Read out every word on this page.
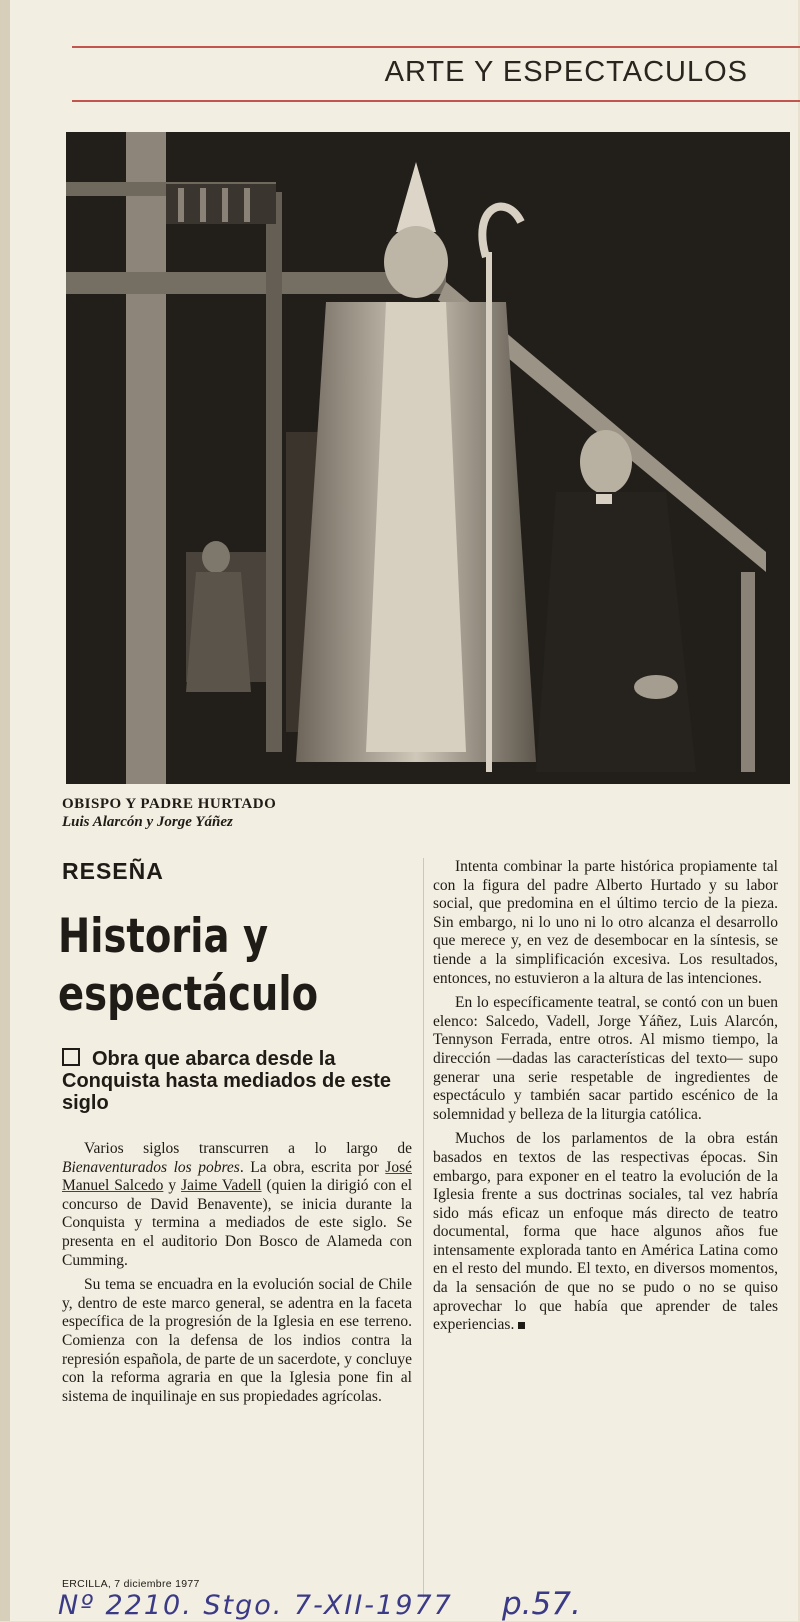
ARTE Y ESPECTACULOS
OBISPO Y PADRE HURTADO
Luis Alarcón y Jorge Yáñez
RESEÑA
Historia y
espectáculo
Obra que abarca desde la Conquista hasta mediados de este siglo

Varios siglos transcurren a lo largo de Bienaventurados los pobres. La obra, escrita por José Manuel Salcedo y Jaime Vadell (quien la dirigió con el concurso de David Benavente), se inicia durante la Conquista y termina a mediados de este siglo. Se presenta en el auditorio Don Bosco de Alameda con Cumming.

Su tema se encuadra en la evolución social de Chile y, dentro de este marco general, se adentra en la faceta específica de la progresión de la Iglesia en ese terreno. Comienza con la defensa de los indios contra la represión española, de parte de un sacerdote, y concluye con la reforma agraria en que la Iglesia pone fin al sistema de inquilinaje en sus propiedades agrícolas.

Intenta combinar la parte histórica propiamente tal con la figura del padre Alberto Hurtado y su labor social, que predomina en el último tercio de la pieza. Sin embargo, ni lo uno ni lo otro alcanza el desarrollo que merece y, en vez de desembocar en la síntesis, se tiende a la simplificación excesiva. Los resultados, entonces, no estuvieron a la altura de las intenciones.

En lo específicamente teatral, se contó con un buen elenco: Salcedo, Vadell, Jorge Yáñez, Luis Alarcón, Tennyson Ferrada, entre otros. Al mismo tiempo, la dirección —dadas las características del texto— supo generar una serie respetable de ingredientes de espectáculo y también sacar partido escénico de la solemnidad y belleza de la liturgia católica.

Muchos de los parlamentos de la obra están basados en textos de las respectivas épocas. Sin embargo, para exponer en el teatro la evolución de la Iglesia frente a sus doctrinas sociales, tal vez habría sido más eficaz un enfoque más directo de teatro documental, forma que hace algunos años fue intensamente explorada tanto en América Latina como en el resto del mundo. El texto, en diversos momentos, da la sensación de que no se pudo o no se quiso aprovechar lo que había que aprender de tales experiencias.

ERCILLA, 7 diciembre 1977
Nº 2210. Stgo. 7-XII-1977 p.57.
